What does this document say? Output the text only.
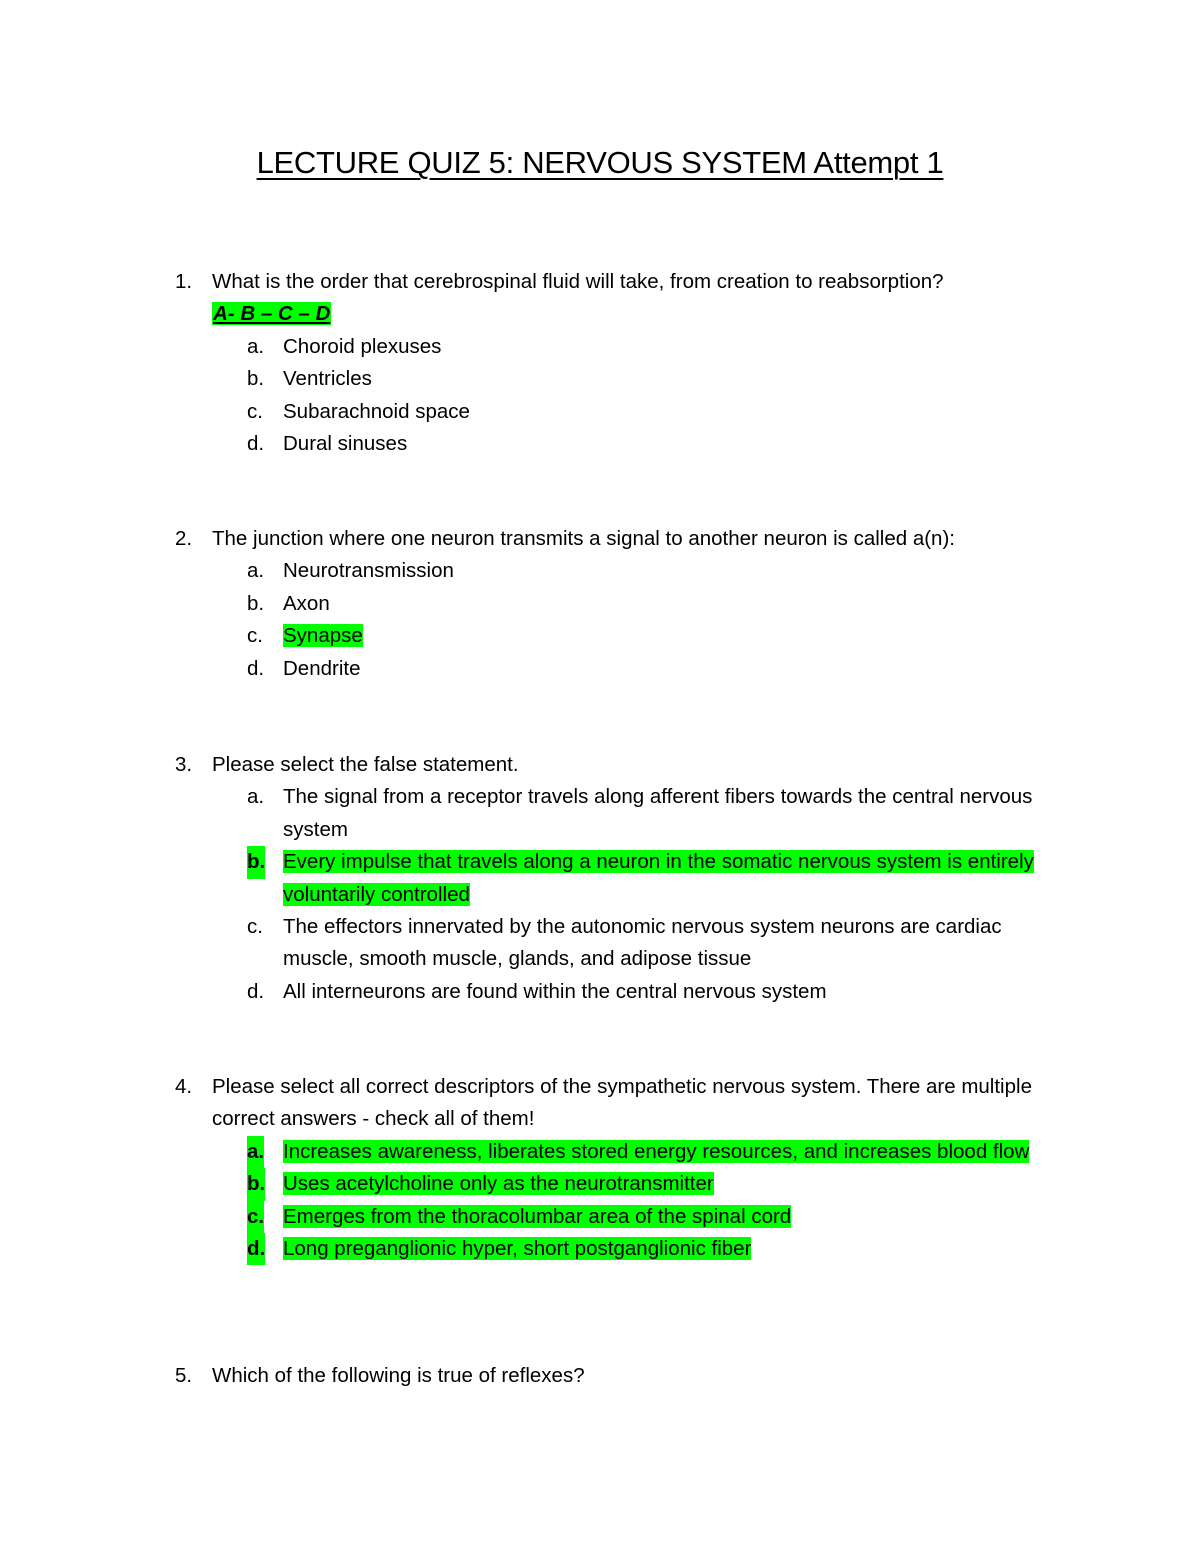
LECTURE QUIZ 5: NERVOUS SYSTEM Attempt 1
1. What is the order that cerebrospinal fluid will take, from creation to reabsorption?
A- B – C – D
a. Choroid plexuses
b. Ventricles
c. Subarachnoid space
d. Dural sinuses
2. The junction where one neuron transmits a signal to another neuron is called a(n):
a. Neurotransmission
b. Axon
c. Synapse
d. Dendrite
3. Please select the false statement.
a. The signal from a receptor travels along afferent fibers towards the central nervous system
b. Every impulse that travels along a neuron in the somatic nervous system is entirely voluntarily controlled
c. The effectors innervated by the autonomic nervous system neurons are cardiac muscle, smooth muscle, glands, and adipose tissue
d. All interneurons are found within the central nervous system
4. Please select all correct descriptors of the sympathetic nervous system. There are multiple correct answers - check all of them!
a. Increases awareness, liberates stored energy resources, and increases blood flow
b. Uses acetylcholine only as the neurotransmitter
c. Emerges from the thoracolumbar area of the spinal cord
d. Long preganglionic hyper, short postganglionic fiber
5. Which of the following is true of reflexes?
